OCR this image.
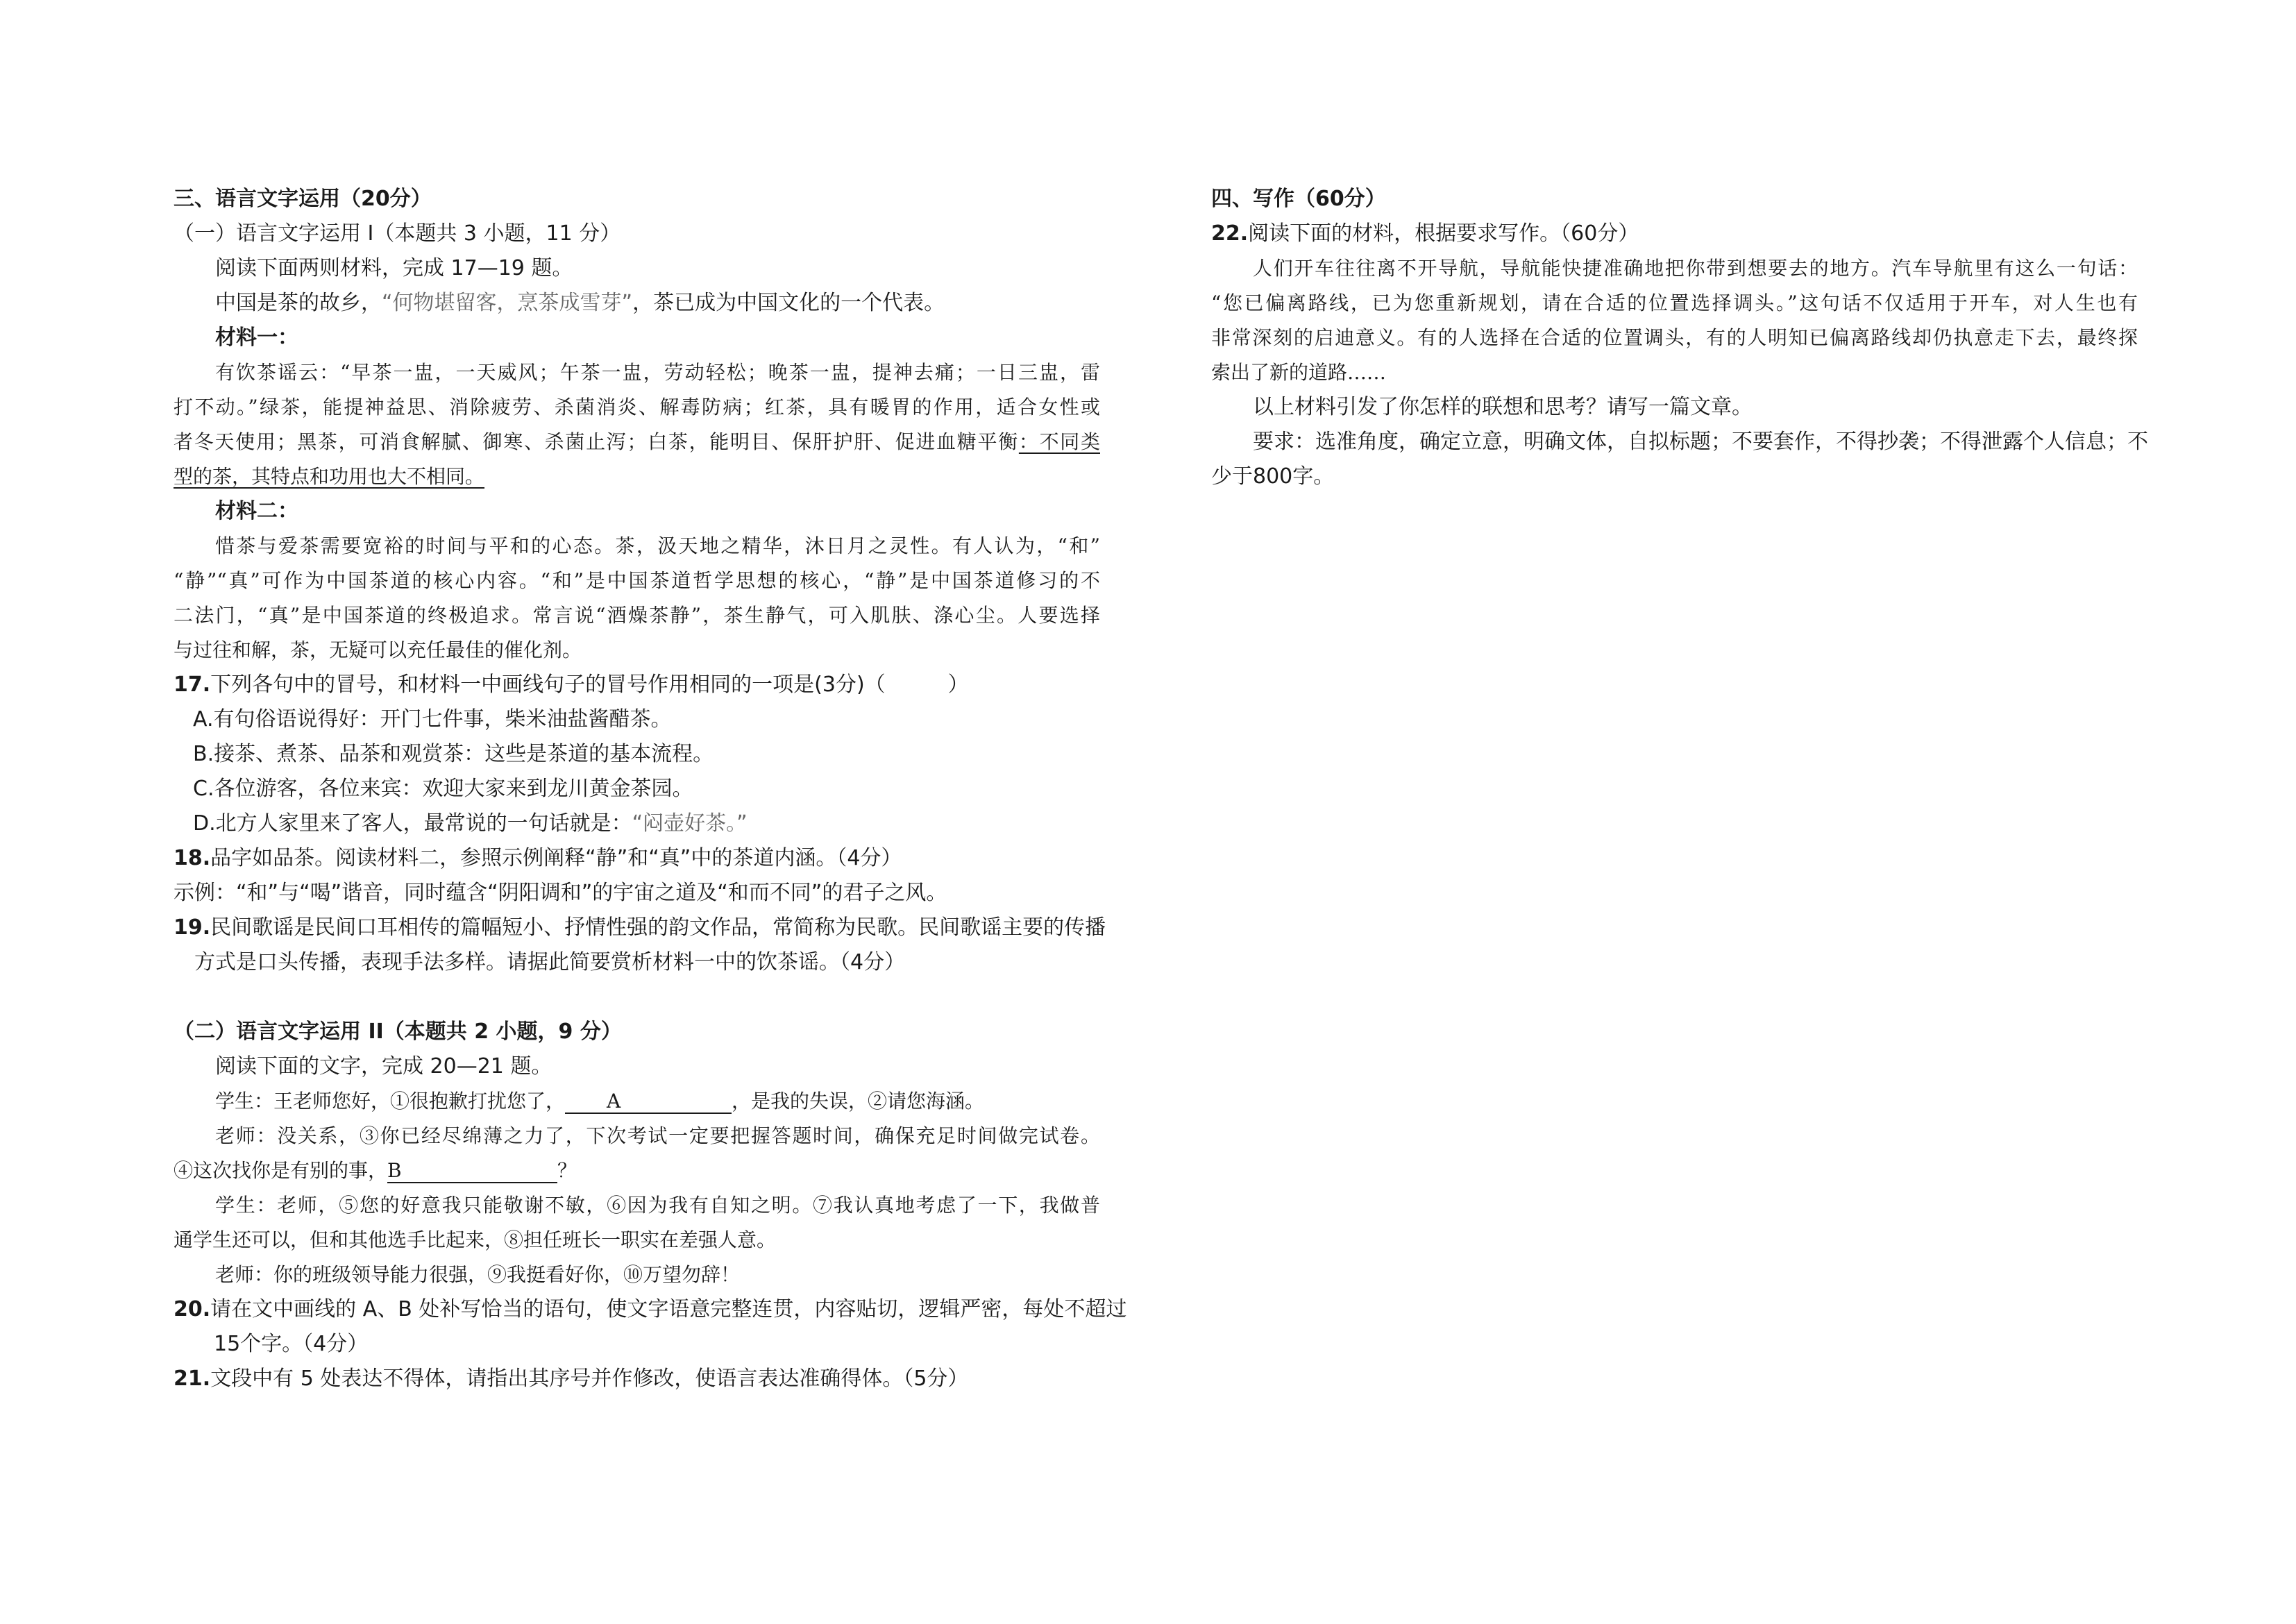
三、语言文字运用（20分）
（一）语言文字运用 I（本题共 3 小题，11 分）
阅读下面两则材料，完成 17—19 题。
中国是茶的故乡，“何物堪留客，烹茶成雪芽”，茶已成为中国文化的一个代表。
材料一：
有饮茶谣云：“早茶一盅，一天威风；午茶一盅，劳动轻松；晚茶一盅，提神去痛；一日三盅，雷
打不动。”绿茶，能提神益思、消除疲劳、杀菌消炎、解毒防病；红茶，具有暖胃的作用，适合女性或
者冬天使用；黑茶，可消食解腻、御寒、杀菌止泻；白茶，能明目、保肝护肝、促进血糖平衡：不同类
型的茶，其特点和功用也大不相同。
材料二：
惜茶与爱茶需要宽裕的时间与平和的心态。茶，汲天地之精华，沐日月之灵性。有人认为，“和”
“静”“真”可作为中国茶道的核心内容。“和”是中国茶道哲学思想的核心，“静”是中国茶道修习的不
二法门，“真”是中国茶道的终极追求。常言说“酒燥茶静”，茶生静气，可入肌肤、涤心尘。人要选择
与过往和解，茶，无疑可以充任最佳的催化剂。
17.下列各句中的冒号，和材料一中画线句子的冒号作用相同的一项是(3分)（　　　）
A.有句俗语说得好：开门七件事，柴米油盐酱醋茶。
B.接茶、煮茶、品茶和观赏茶：这些是茶道的基本流程。
C.各位游客，各位来宾：欢迎大家来到龙川黄金茶园。
D.北方人家里来了客人，最常说的一句话就是：“闷壶好茶。”
18.品字如品茶。阅读材料二，参照示例阐释“静”和“真”中的茶道内涵。（4分）
示例：“和”与“喝”谐音，同时蕴含“阴阳调和”的宇宙之道及“和而不同”的君子之风。
19.民间歌谣是民间口耳相传的篇幅短小、抒情性强的韵文作品，常简称为民歌。民间歌谣主要的传播
方式是口头传播，表现手法多样。请据此简要赏析材料一中的饮茶谣。（4分）
（二）语言文字运用 II（本题共 2 小题，9 分）
阅读下面的文字，完成 20—21 题。
学生：王老师您好，①很抱歉打扰您了， A	，是我的失误，②请您海涵。
老师：没关系，③你已经尽绵薄之力了，下次考试一定要把握答题时间，确保充足时间做完试卷。
④这次找你是有别的事，B	？
学生：老师，⑤您的好意我只能敬谢不敏，⑥因为我有自知之明。⑦我认真地考虑了一下，我做普
通学生还可以，但和其他选手比起来，⑧担任班长一职实在差强人意。
老师：你的班级领导能力很强，⑨我挺看好你，⑩万望勿辞！
20.请在文中画线的 A、B 处补写恰当的语句，使文字语意完整连贯，内容贴切，逻辑严密，每处不超过
15个字。（4分）
21.文段中有 5 处表达不得体，请指出其序号并作修改，使语言表达准确得体。（5分）
四、写作（60分）
22.阅读下面的材料，根据要求写作。（60分）
人们开车往往离不开导航，导航能快捷准确地把你带到想要去的地方。汽车导航里有这么一句话：
“您已偏离路线，已为您重新规划，请在合适的位置选择调头。”这句话不仅适用于开车，对人生也有
非常深刻的启迪意义。有的人选择在合适的位置调头，有的人明知已偏离路线却仍执意走下去，最终探
索出了新的道路……
以上材料引发了你怎样的联想和思考？请写一篇文章。
要求：选准角度，确定立意，明确文体，自拟标题；不要套作，不得抄袭；不得泄露个人信息；不
少于800字。
